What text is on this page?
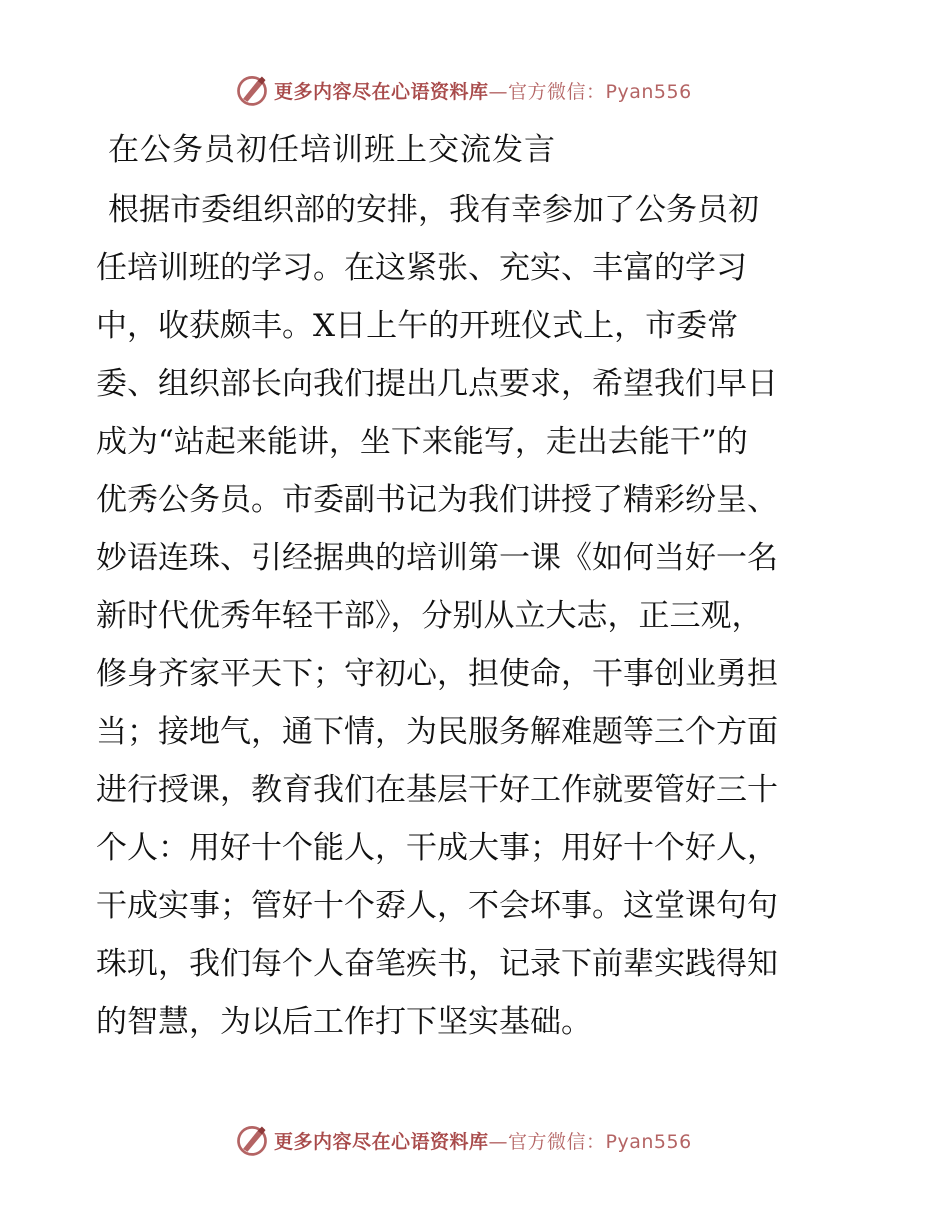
更多内容尽在心语资料库—官方微信：Pyan556
在公务员初任培训班上交流发言
根据市委组织部的安排，我有幸参加了公务员初
任培训班的学习。在这紧张、充实、丰富的学习
中，收获颇丰。X日上午的开班仪式上，市委常
委、组织部长向我们提出几点要求，希望我们早日
成为“站起来能讲，坐下来能写，走出去能干”的
优秀公务员。市委副书记为我们讲授了精彩纷呈、
妙语连珠、引经据典的培训第一课《如何当好一名
新时代优秀年轻干部》，分别从立大志，正三观，
修身齐家平天下；守初心，担使命，干事创业勇担
当；接地气，通下情，为民服务解难题等三个方面
进行授课，教育我们在基层干好工作就要管好三十
个人：用好十个能人，干成大事；用好十个好人，
干成实事；管好十个孬人，不会坏事。这堂课句句
珠玑，我们每个人奋笔疾书，记录下前辈实践得知
的智慧，为以后工作打下坚实基础。
更多内容尽在心语资料库—官方微信：Pyan556
